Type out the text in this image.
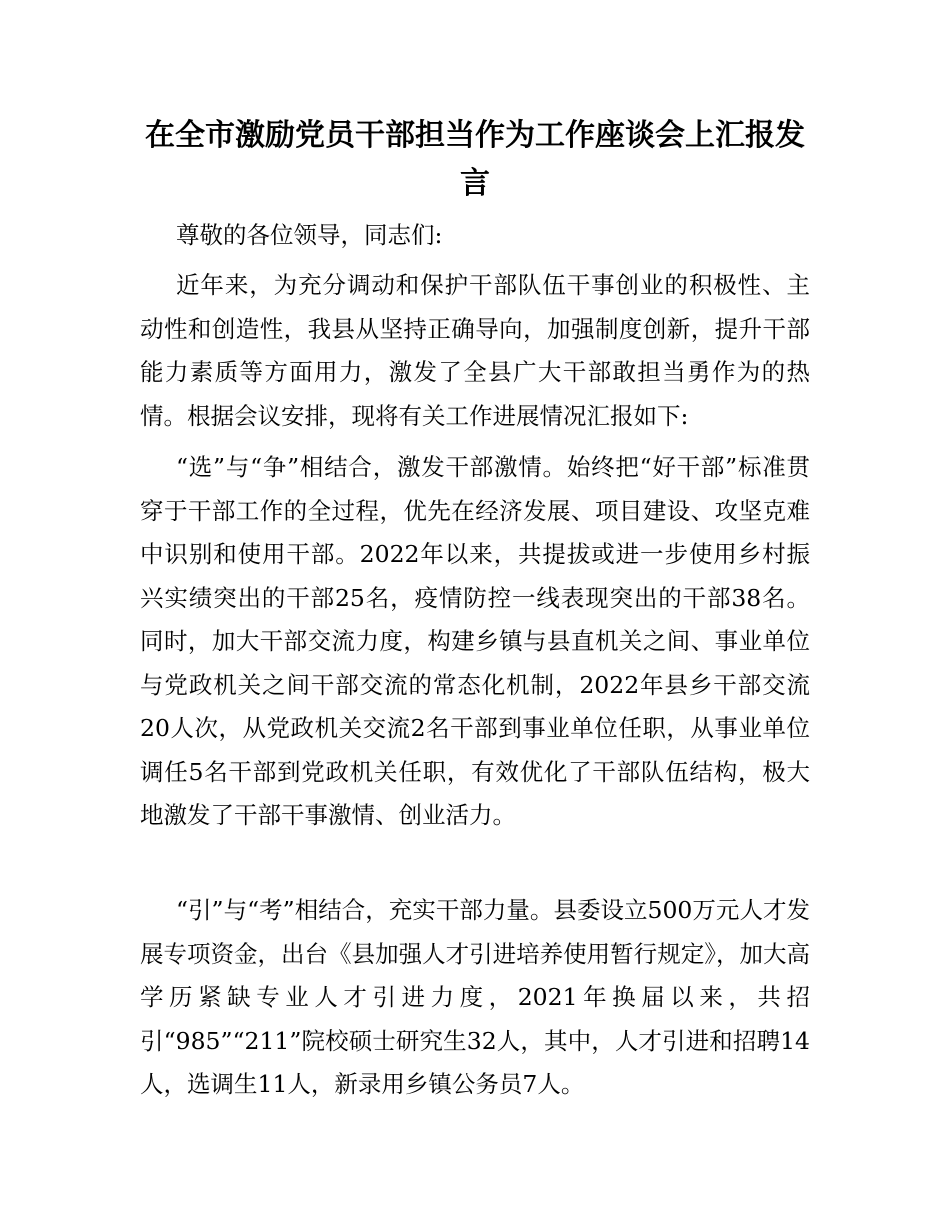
在全市激励党员干部担当作为工作座谈会上汇报发言

尊敬的各位领导，同志们:

近年来，为充分调动和保护干部队伍干事创业的积极性、主动性和创造性，我县从坚持正确导向，加强制度创新，提升干部能力素质等方面用力，激发了全县广大干部敢担当勇作为的热情。根据会议安排，现将有关工作进展情况汇报如下:

“选”与“争”相结合，激发干部激情。始终把“好干部”标准贯穿于干部工作的全过程，优先在经济发展、项目建设、攻坚克难中识别和使用干部。2022年以来，共提拔或进一步使用乡村振兴实绩突出的干部25名，疫情防控一线表现突出的干部38名。同时，加大干部交流力度，构建乡镇与县直机关之间、事业单位与党政机关之间干部交流的常态化机制，2022年县乡干部交流20人次，从党政机关交流2名干部到事业单位任职，从事业单位调任5名干部到党政机关任职，有效优化了干部队伍结构，极大地激发了干部干事激情、创业活力。

“引”与“考”相结合，充实干部力量。县委设立500万元人才发展专项资金，出台《县加强人才引进培养使用暂行规定》，加大高学历紧缺专业人才引进力度，2021年换届以来，共招引“985”“211”院校硕士研究生32人，其中，人才引进和招聘14人，选调生11人，新录用乡镇公务员7人。
